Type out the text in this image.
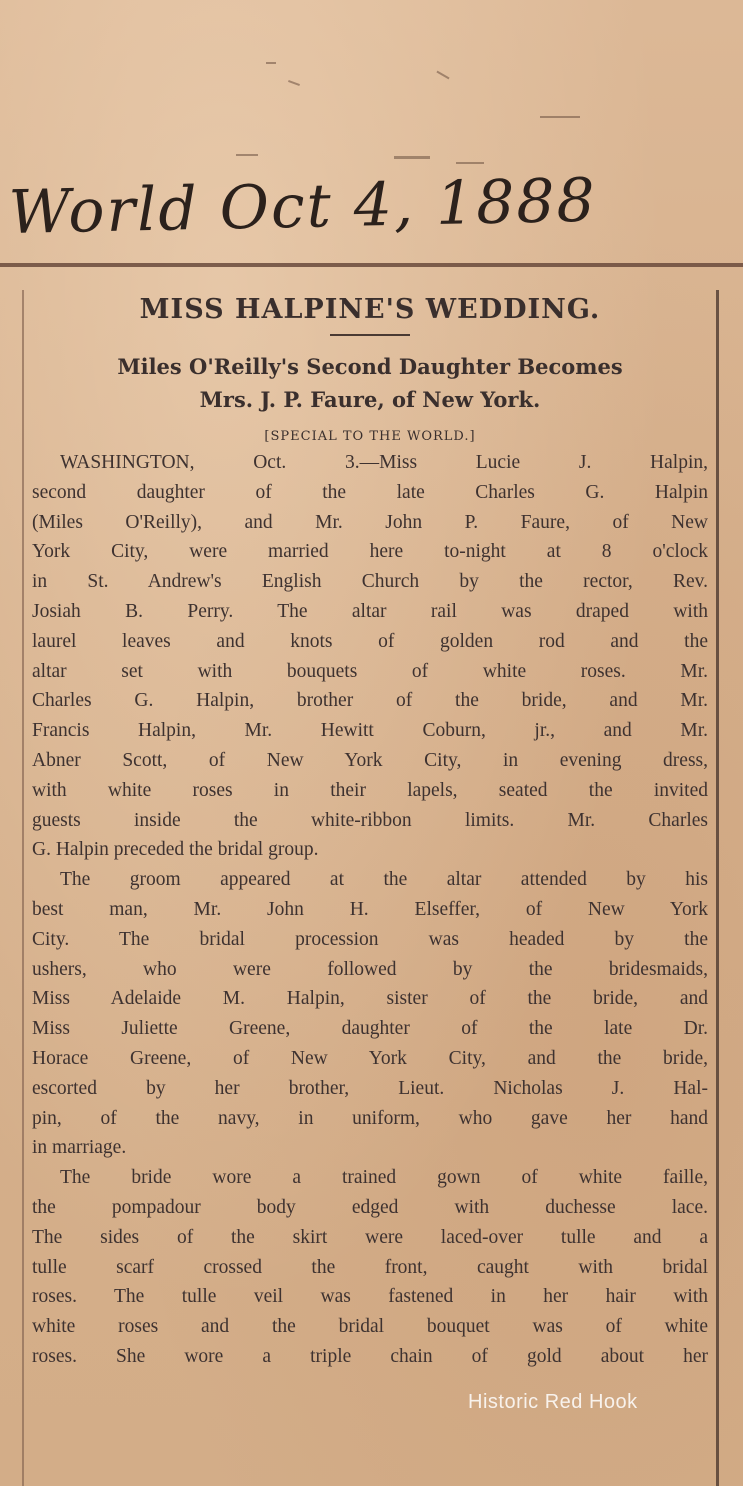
World Oct 4, 1888
MISS HALPINE'S WEDDING.
Miles O'Reilly's Second Daughter Becomes
Mrs. J. P. Faure, of New York.
[SPECIAL TO THE WORLD.]
WASHINGTON, Oct. 3.—Miss Lucie J. Halpin,
second daughter of the late Charles G. Halpin
(Miles O'Reilly), and Mr. John P. Faure, of New
York City, were married here to-night at 8 o'clock
in St. Andrew's English Church by the rector, Rev.
Josiah B. Perry. The altar rail was draped with
laurel leaves and knots of golden rod and the
altar set with bouquets of white roses. Mr.
Charles G. Halpin, brother of the bride, and Mr.
Francis Halpin, Mr. Hewitt Coburn, jr., and Mr.
Abner Scott, of New York City, in evening dress,
with white roses in their lapels, seated the invited
guests inside the white-ribbon limits. Mr. Charles
G. Halpin preceded the bridal group.
The groom appeared at the altar attended by his
best man, Mr. John H. Elseffer, of New York
City. The bridal procession was headed by the
ushers, who were followed by the bridesmaids,
Miss Adelaide M. Halpin, sister of the bride, and
Miss Juliette Greene, daughter of the late Dr.
Horace Greene, of New York City, and the bride,
escorted by her brother, Lieut. Nicholas J. Hal-
pin, of the navy, in uniform, who gave her hand
in marriage.
The bride wore a trained gown of white faille,
the pompadour body edged with duchesse lace.
The sides of the skirt were laced-over tulle and a
tulle scarf crossed the front, caught with bridal
roses. The tulle veil was fastened in her hair with
white roses and the bridal bouquet was of white
roses. She wore a triple chain of gold about her
Historic Red Hook
